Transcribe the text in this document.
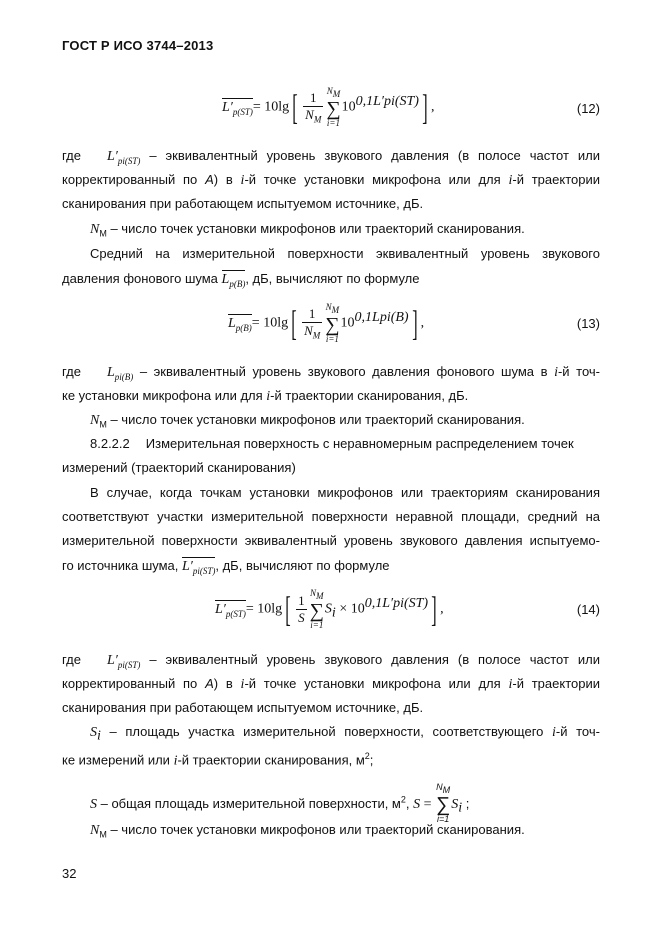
ГОСТ Р ИСО 3744–2013
$L'_{p(ST)}= 10\lg[ \frac{1}{N_M} N_M$
∑
i=1
$10^{0,1L'pi(ST)}$] ,	(12)
где $L'_{pi(ST)}$ – эквивалентный уровень звукового давления (в полосе частот или
корректированный по A) в i-й точке установки микрофона или для i-й траектории
сканирования при работающем испытуемом источнике, дБ.
$N_M$ – число точек установки микрофонов или траекторий сканирования.
Средний на измерительной поверхности эквивалентный уровень звукового
давления фонового шума $L_{p(B)}$, дБ, вычисляют по формуле
$L_{p(B)}= 10\lg[ \frac{1}{N_M} N_M$
∑
i=1
$10^{0,1Lpi(B)}$] ,	(13)
где $L_{pi(B)}$ – эквивалентный уровень звукового давления фонового шума в i-й точ-
ке установки микрофона или для i-й траектории сканирования, дБ.
$N_M$ – число точек установки микрофонов или траекторий сканирования.
8.2.2.2 Измерительная поверхность с неравномерным распределением точек
измерений (траекторий сканирования)
В случае, когда точкам установки микрофонов или траекториям сканирования
соответствуют участки измерительной поверхности неравной площади, средний на
измерительной поверхности эквивалентный уровень звукового давления испытуемо-
го источника шума, $L'_{pi(ST)}$, дБ, вычисляют по формуле
$L'_{p(ST)}= 10\lg[ \frac{1}{S} N_M$
∑
i=1
$S_i \times 10^{0,1L'pi(ST)}$] ,	(14)
где $L'_{pi(ST)}$ – эквивалентный уровень звукового давления (в полосе частот или
корректированный по A) в i-й точке установки микрофона или для i-й траектории
сканирования при работающем испытуемом источнике, дБ.
$S_i$ – площадь участка измерительной поверхности, соответствующего i-й точ-
ке измерений или i-й траектории сканирования, $м^2$;
S – общая площадь измерительной поверхности, $м^2$, S =
$N_M$
∑
i=1
$S_i$ ;
$N_M$ – число точек установки микрофонов или траекторий сканирования.
32
